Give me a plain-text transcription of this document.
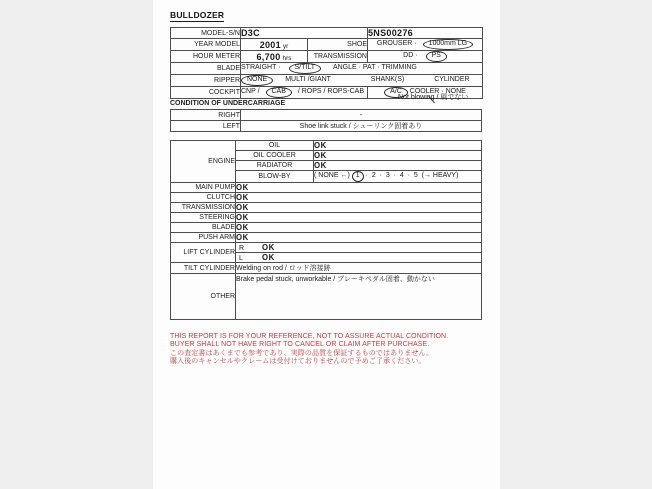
BULLDOZER
MODEL-S/N	D3C		5NS00276
YEAR MODEL	2001 yr	SHOE	GROUSER · 1000mm LG
HOUR METER	6,700 hrs	TRANSMISSION	DD · PS
BLADE	STRAIGHT · S/TILT ANGLE · PAT · TRIMMING		
RIPPER	NONE MULTI /GIANT SHANK(S) CYLINDER		
COCKPIT	CNP / CAB / ROPS / ROPS-CAB		A/C COOLER · NONE
Not blowing / 風でない
CONDITION OF UNDERCARRIAGE
RIGHT	-
LEFT	Shoe link stuck / シューリンク固着あり
ENGINE	OIL	OK
	OIL COOLER	OK
	RADIATOR	OK
	BLOW-BY	( NONE ←) 1 ·  2  ·  3  ·  4  ·  5  (→ HEAVY)
MAIN PUMP	OK	
CLUTCH	OK	
TRANSMISSION	OK	
STEERING	OK	
BLADE	OK	
PUSH ARM	OK	
LIFT CYLINDER	R OK	
	L OK	
TILT CYLINDER	Welding on rod / ロッド溶接跡	
OTHER	Brake pedal stuck, unworkable / ブレーキペダル固着、動かない	
THIS REPORT IS FOR YOUR REFERENCE, NOT TO ASSURE ACTUAL CONDITION.
BUYER SHALL NOT HAVE RIGHT TO CANCEL OR CLAIM AFTER PURCHASE.
この査定書はあくまでも参考であり、実際の品質を保証するものではありません。
購入後のキャンセルやクレームは受付けておりませんので予めご了承ください。
